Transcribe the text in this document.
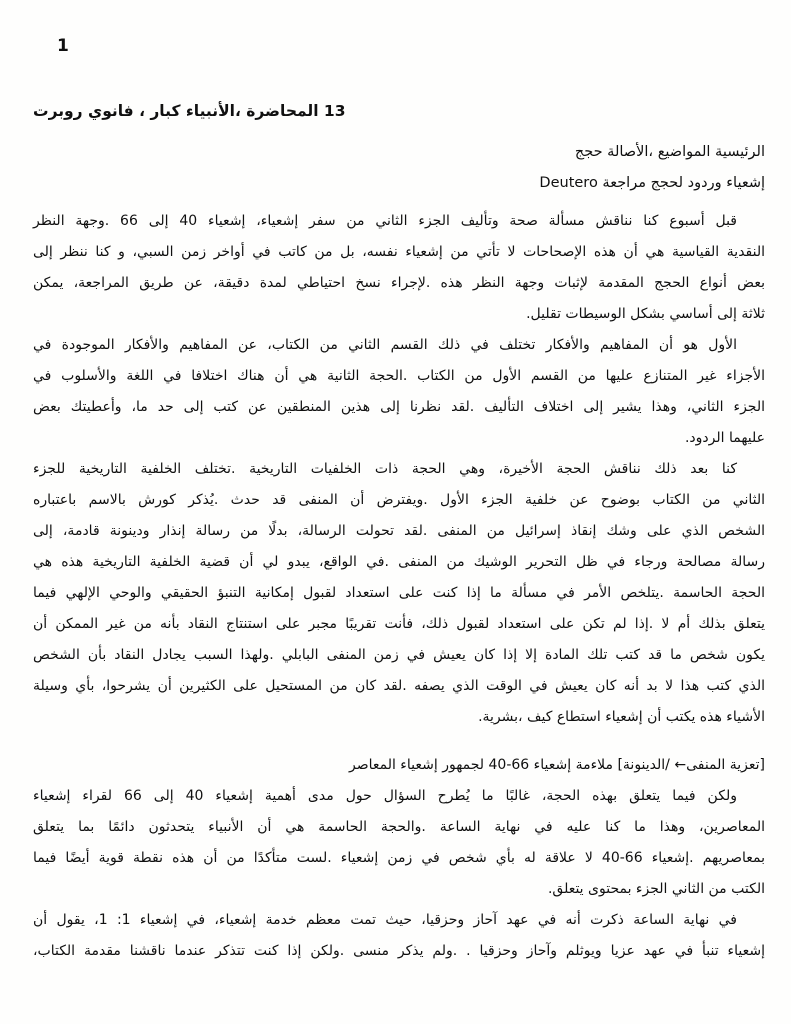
1
13 المحاضرة ،الأنبياء كبار ، فانوي روبرت
الرئيسية المواضيع ،الأصالة حجج
إشعياء وردود لحجج مراجعة Deutero
قبل أسبوع كنا نناقش مسألة صحة وتأليف الجزء الثاني من سفر إشعياء، إشعياء 40 إلى 66 .وجهة النظر
النقدية القياسية هي أن هذه الإصحاحات لا تأتي من إشعياء نفسه، بل من كاتب في أواخر زمن السبي، و كنا ننظر إلى
بعض أنواع الحجج المقدمة لإثبات وجهة النظر هذه .لإجراء نسخ احتياطي لمدة دقيقة، عن طريق المراجعة، يمكن
ثلاثة إلى أساسي بشكل الوسيطات تقليل.
الأول هو أن المفاهيم والأفكار تختلف في ذلك القسم الثاني من الكتاب، عن المفاهيم والأفكار الموجودة في
الأجزاء غير المتنازع عليها من القسم الأول من الكتاب .الحجة الثانية هي أن هناك اختلافا في اللغة والأسلوب في
الجزء الثاني، وهذا يشير إلى اختلاف التأليف .لقد نظرنا إلى هذين المنطقين عن كتب إلى حد ما، وأعطيتك بعض
عليهما الردود.
كنا بعد ذلك نناقش الحجة الأخيرة، وهي الحجة ذات الخلفيات التاريخية .تختلف الخلفية التاريخية للجزء
الثاني من الكتاب بوضوح عن خلفية الجزء الأول .ويفترض أن المنفى قد حدث .يُذكر كورش بالاسم باعتباره
الشخص الذي على وشك إنقاذ إسرائيل من المنفى .لقد تحولت الرسالة، بدلًا من رسالة إنذار ودينونة قادمة، إلى
رسالة مصالحة ورجاء في ظل التحرير الوشيك من المنفى .في الواقع، يبدو لي أن قضية الخلفية التاريخية هذه هي
الحجة الحاسمة .يتلخص الأمر في مسألة ما إذا كنت على استعداد لقبول إمكانية التنبؤ الحقيقي والوحي الإلهي فيما
يتعلق بذلك أم لا .إذا لم تكن على استعداد لقبول ذلك، فأنت تقريبًا مجبر على استنتاج النقاد بأنه من غير الممكن أن
يكون شخص ما قد كتب تلك المادة إلا إذا كان يعيش في زمن المنفى البابلي .ولهذا السبب يجادل النقاد بأن الشخص
الذي كتب هذا لا بد أنه كان يعيش في الوقت الذي يصفه .لقد كان من المستحيل على الكثيرين أن يشرحوا، بأي وسيلة
الأشياء هذه يكتب أن إشعياء استطاع كيف ،بشرية.
[تعزية المنفى← /الدينونة] ملاءمة إشعياء 66-40 لجمهور إشعياء المعاصر
ولكن فيما يتعلق بهذه الحجة، غالبًا ما يُطرح السؤال حول مدى أهمية إشعياء 40 إلى 66 لقراء إشعياء
المعاصرين، وهذا ما كنا عليه في نهاية الساعة .والحجة الحاسمة هي أن الأنبياء يتحدثون دائمًا بما يتعلق
بمعاصريهم .إشعياء 66-40 لا علاقة له بأي شخص في زمن إشعياء .لست متأكدًا من أن هذه نقطة قوية أيضًا فيما
الكتب من الثاني الجزء بمحتوى يتعلق.
في نهاية الساعة ذكرت أنه في عهد آحاز وحزقيا، حيث تمت معظم خدمة إشعياء، في إشعياء 1: 1، يقول أن
إشعياء تنبأ في عهد عزيا ويوثلم وآحاز وحزقيا . .ولم يذكر منسى .ولكن إذا كنت تتذكر عندما ناقشنا مقدمة الكتاب،
